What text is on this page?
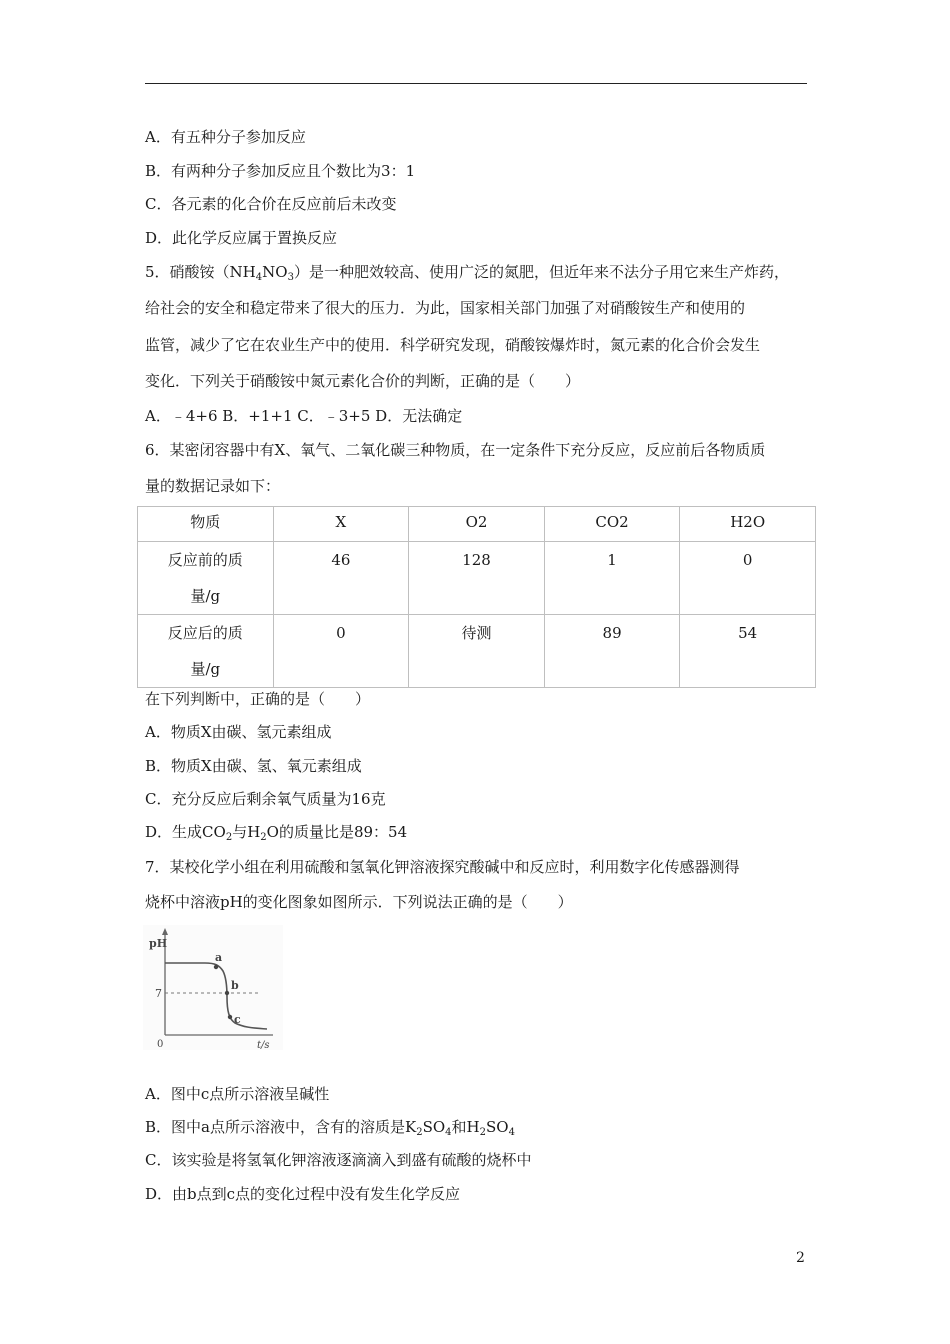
A．有五种分子参加反应
B．有两种分子参加反应且个数比为3：1
C．各元素的化合价在反应前后未改变
D．此化学反应属于置换反应
5．硝酸铵$(NH_4NO_3)$是一种肥效较高、使用广泛的氮肥，但近年来不法分子用它来生产炸药，
给社会的安全和稳定带来了很大的压力．为此，国家相关部门加强了对硝酸铵生产和使用的
监管，减少了它在农业生产中的使用．科学研究发现，硝酸铵爆炸时，氮元素的化合价会发生
变化．下列关于硝酸铵中氮元素化合价的判断，正确的是（　　）
A．﹣4+6 B．+1+1 C．﹣3+5 D．无法确定
6．某密闭容器中有X、氧气、二氧化碳三种物质，在一定条件下充分反应，反应前后各物质质
量的数据记录如下：
物质	X	O2	CO2	H2O

反应前的质
量/g	46	128	1	0

反应后的质
量/g	0	待测	89	54
在下列判断中，正确的是（　　）
A．物质X由碳、氢元素组成
B．物质X由碳、氢、氧元素组成
C．充分反应后剩余氧气质量为16克
D．生成$CO_2$与$H_2O$的质量比是89：54
7．某校化学小组在利用硫酸和氢氧化钾溶液探究酸碱中和反应时，利用数字化传感器测得
烧杯中溶液pH的变化图象如图所示．下列说法正确的是（　　）
pH
7
0	t/s
a
b
c
A．图中c点所示溶液呈碱性
B．图中a点所示溶液中，含有的溶质是$K_2SO_4$和$H_2SO_4$
C．该实验是将氢氧化钾溶液逐滴滴入到盛有硫酸的烧杯中
D．由b点到c点的变化过程中没有发生化学反应
2
